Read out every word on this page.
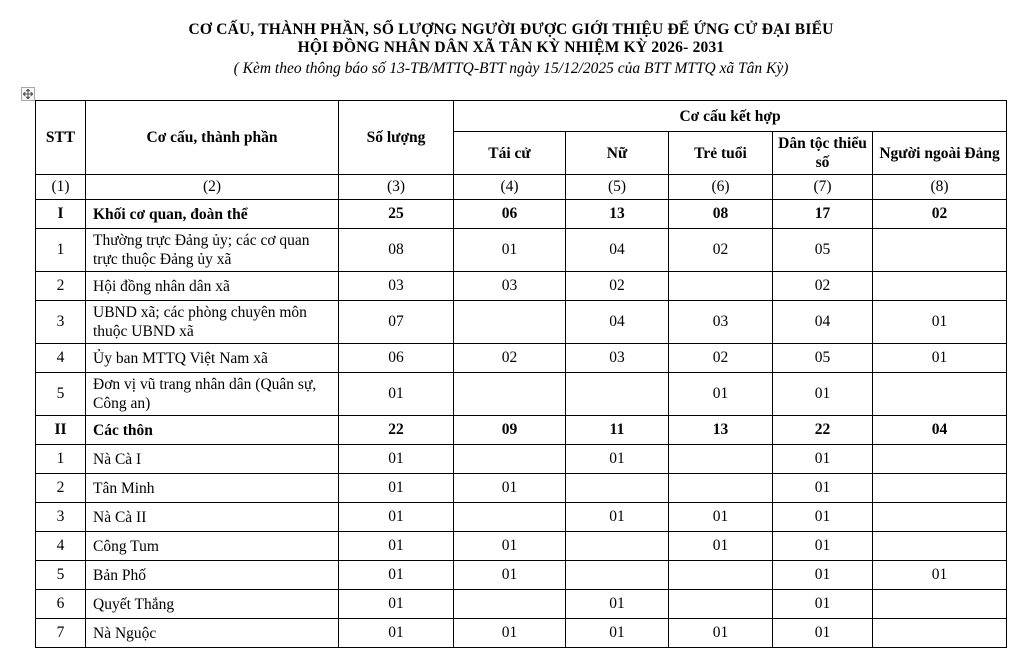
CƠ CẤU, THÀNH PHẦN, SỐ LƯỢNG NGƯỜI ĐƯỢC GIỚI THIỆU ĐỂ ỨNG CỬ ĐẠI BIỂU
HỘI ĐỒNG NHÂN DÂN XÃ TÂN KỲ NHIỆM KỲ 2026- 2031
( Kèm theo thông báo số 13-TB/MTTQ-BTT ngày 15/12/2025 của BTT MTTQ xã Tân Kỳ)
STT	Cơ cấu, thành phần	Số lượng	Cơ cấu kết hợp				
			Tái cử	Nữ	Trẻ tuổi	Dân tộc thiểu số	Người ngoài Đảng
(1)	(2)	(3)	(4)	(5)	(6)	(7)	(8)
I	Khối cơ quan, đoàn thể	25	06	13	08	17	02
1	Thường trực Đảng ủy; các cơ quan trực thuộc Đảng ủy xã	08	01	04	02	05	
2	Hội đồng nhân dân xã	03	03	02		02	
3	UBND xã; các phòng chuyên môn thuộc UBND xã	07		04	03	04	01
4	Ủy ban MTTQ Việt Nam xã	06	02	03	02	05	01
5	Đơn vị vũ trang nhân dân (Quân sự, Công an)	01			01	01	
II	Các thôn	22	09	11	13	22	04
1	Nà Cà I	01		01		01	
2	Tân Minh	01	01			01	
3	Nà Cà II	01		01	01	01	
4	Công Tum	01	01		01	01	
5	Bản Phố	01	01			01	01
6	Quyết Thắng	01		01		01	
7	Nà Nguộc	01	01	01	01	01	
